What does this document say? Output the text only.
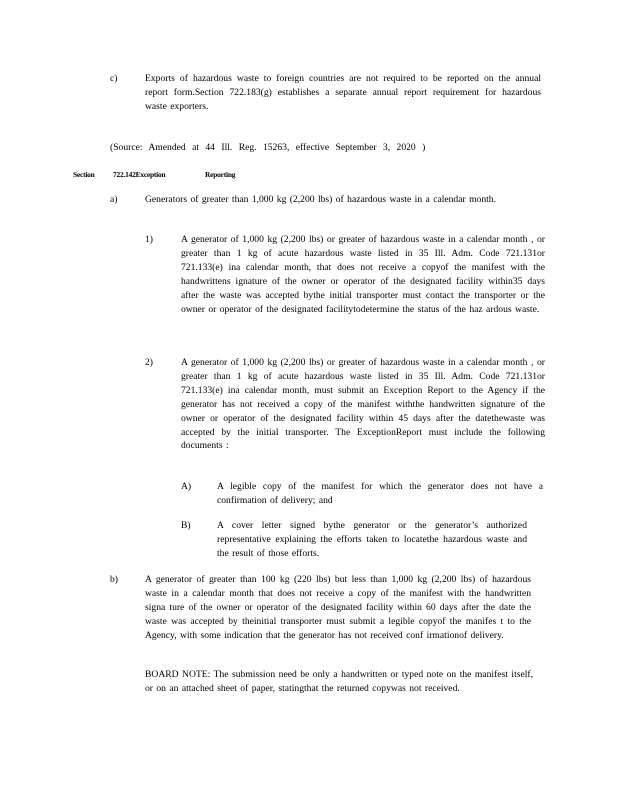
c)	Exports of hazardous waste to foreign countries are not required to be reported on the annual report form.Section 722.183(g) establishes a separate annual report requirement for hazardous waste exporters.
(Source: Amended at 44 Ill. Reg. 15263, effective September 3, 2020 )
Section 722.142Exception	Reporting
a)	Generators of greater than 1,000 kg (2,200 lbs) of hazardous waste in a calendar month.
1)	A generator of 1,000 kg (2,200 lbs) or greater of hazardous waste in a calendar month , or greater than 1 kg of acute hazardous waste listed in 35 Ill. Adm. Code 721.131or 721.133(e) ina calendar month, that does not receive a copyof the manifest with the handwrittens ignature of the owner or operator of the designated facility within35 days after the waste was accepted bythe initial transporter must contact the transporter or the owner or operator of the designated facilitytodetermine the status of the haz ardous waste.
2)	A generator of 1,000 kg (2,200 lbs) or greater of hazardous waste in a calendar month , or greater than 1 kg of acute hazardous waste listed in 35 Ill. Adm. Code 721.131or 721.133(e) ina calendar month, must submit an Exception Report to the Agency if the generator has not received a copy of the manifest withthe handwritten signature of the owner or operator of the designated facility within 45 days after the datethewaste was accepted by the initial transporter. The ExceptionReport must include the following documents :
A)	A legible copy of the manifest for which the generator does not have a confirmation of delivery; and
B)	A cover letter signed bythe generator or the generator’s authorized representative explaining the efforts taken to locatethe hazardous waste and the result of those efforts.
b)	A generator of greater than 100 kg (220 lbs) but less than 1,000 kg (2,200 lbs) of hazardous waste in a calendar month that does not receive a copy of the manifest with the handwritten signa ture of the owner or operator of the designated facility within 60 days after the date the waste was accepted by theinitial transporter must submit a legible copyof the manifes t to the Agency, with some indication that the generator has not received conf irmationof delivery.
BOARD NOTE: The submission need be only a handwritten or typed note on the manifest itself, or on an attached sheet of paper, statingthat the returned copywas not received.
